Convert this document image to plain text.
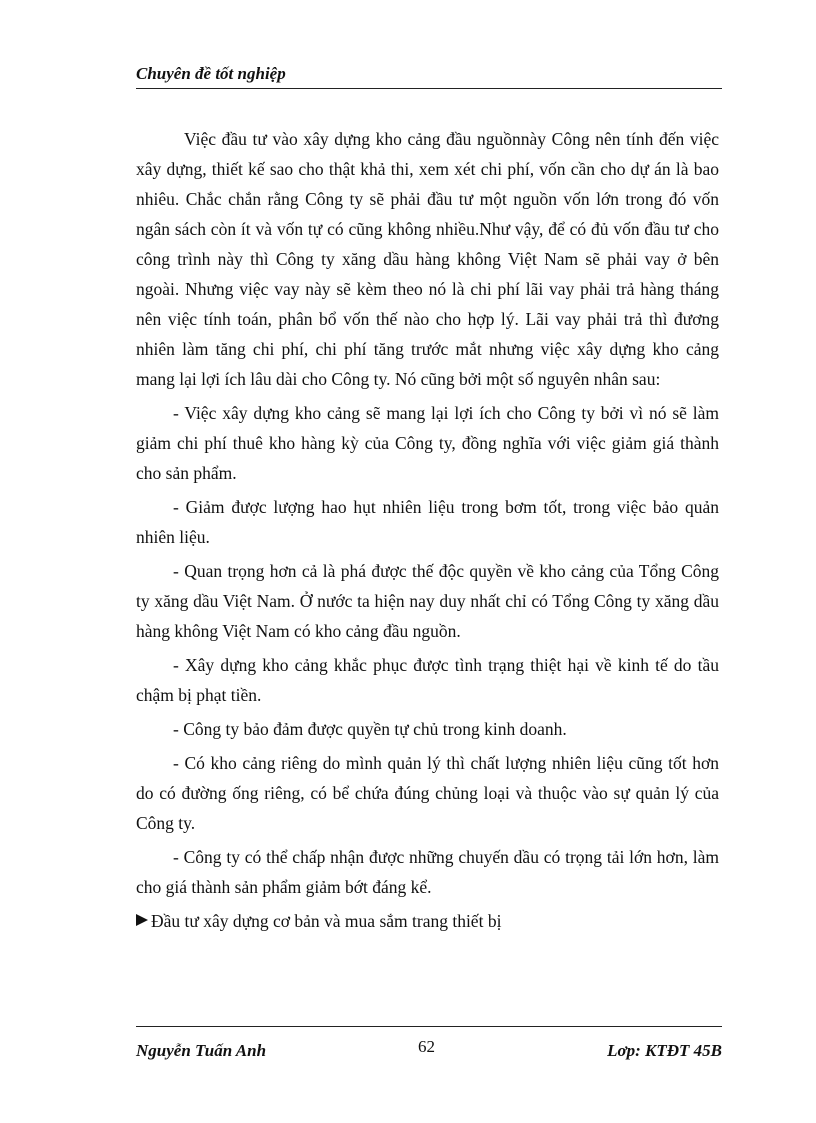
Chuyên đề tốt nghiệp

Việc đầu tư vào xây dựng kho cảng đầu nguồnnày Công nên tính đến việc xây dựng, thiết kế sao cho thật khả thi, xem xét chi phí, vốn cần cho dự án là bao nhiêu. Chắc chắn rằng Công ty sẽ phải đầu tư một nguồn vốn lớn trong đó vốn ngân sách còn ít và vốn tự có cũng không nhiều.Như vậy, để có đủ vốn đầu tư cho công trình này thì Công ty xăng dầu hàng không Việt Nam sẽ phải vay ở bên ngoài. Nhưng việc vay này sẽ kèm theo nó là chi phí lãi vay phải trả hàng tháng nên việc tính toán, phân bổ vốn thế nào cho hợp lý. Lãi vay phải trả thì đương nhiên làm tăng chi phí, chi phí tăng trước mắt nhưng việc xây dựng kho cảng mang lại lợi ích lâu dài cho Công ty. Nó cũng bởi một số nguyên nhân sau:

- Việc xây dựng kho cảng sẽ mang lại lợi ích cho Công ty bởi vì nó sẽ làm giảm chi phí thuê kho hàng kỳ của Công ty, đồng nghĩa với việc giảm giá thành cho sản phẩm.

- Giảm được lượng hao hụt nhiên liệu trong bơm tốt, trong việc bảo quản nhiên liệu.

- Quan trọng hơn cả là phá được thế độc quyền về kho cảng của Tổng Công ty xăng dầu Việt Nam. Ở nước ta hiện nay duy nhất chỉ có Tổng Công ty xăng dầu hàng không Việt Nam có kho cảng đầu nguồn.

- Xây dựng kho cảng khắc phục được tình trạng thiệt hại về kinh tế do tầu chậm bị phạt tiền.

- Công ty bảo đảm được quyền tự chủ trong kinh doanh.

- Có kho cảng riêng do mình quản lý thì chất lượng nhiên liệu cũng tốt hơn do có đường ống riêng, có bể chứa đúng chủng loại và thuộc vào sự quản lý của Công ty.

- Công ty có thể chấp nhận được những chuyến dầu có trọng tải lớn hơn, làm cho giá thành sản phẩm giảm bớt đáng kể.

Đầu tư xây dựng cơ bản và mua sắm trang thiết bị

Nguyễn Tuấn Anh	62	Lơp: KTĐT 45B
